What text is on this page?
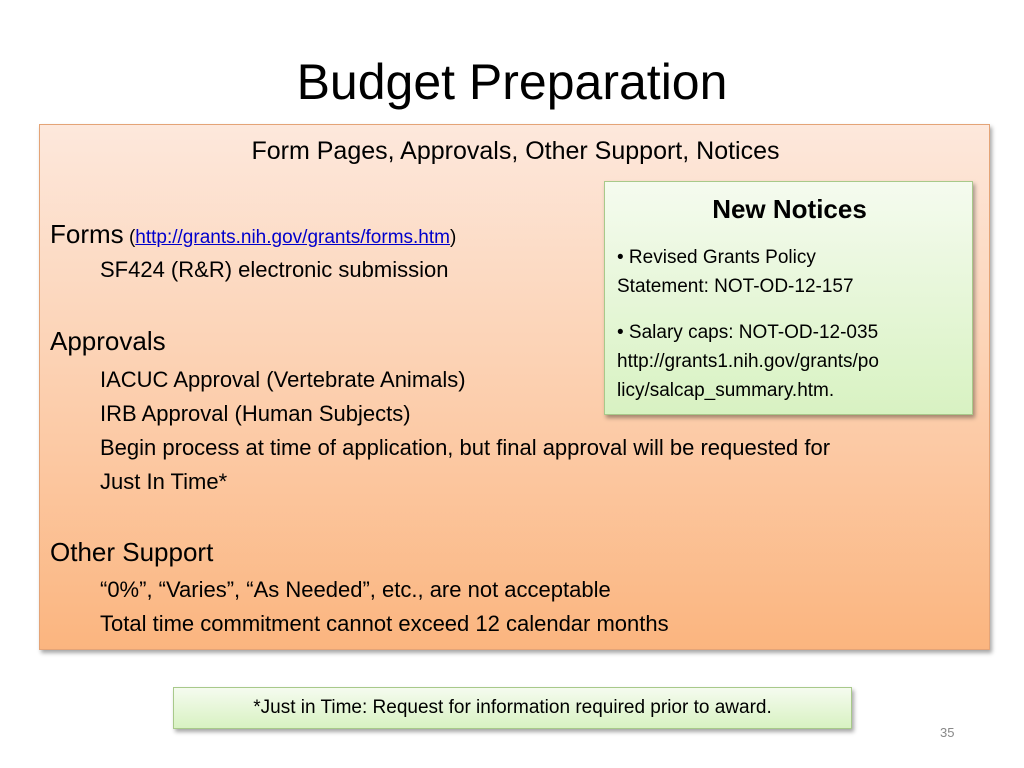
Budget Preparation
Form Pages, Approvals, Other Support, Notices
Forms (http://grants.nih.gov/grants/forms.htm)
SF424 (R&R) electronic submission
Approvals
IACUC Approval (Vertebrate Animals)
IRB Approval (Human Subjects)
Begin process at time of application, but final approval will be requested for
Just In Time*
Other Support
“0%”, “Varies”, “As Needed”, etc., are not acceptable
Total time commitment cannot exceed 12 calendar months
New Notices
• Revised Grants Policy
Statement: NOT-OD-12-157
• Salary caps: NOT-OD-12-035
http://grants1.nih.gov/grants/po
licy/salcap_summary.htm.
*Just in Time: Request for information required prior to award.
35
